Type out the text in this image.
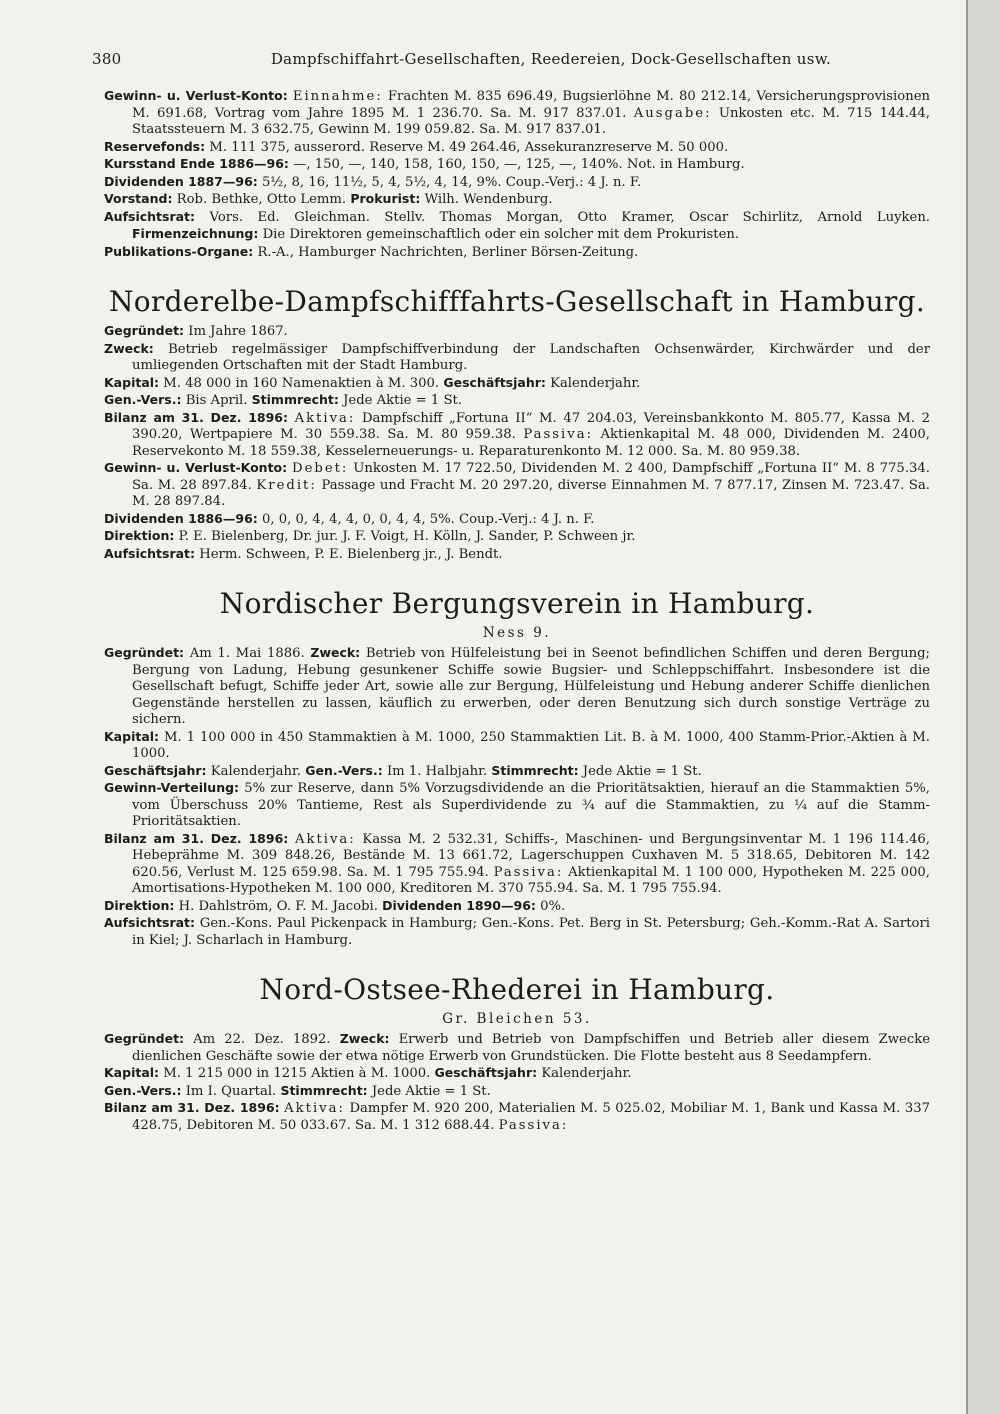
380	Dampfschiffahrt-Gesellschaften, Reedereien, Dock-Gesellschaften usw.

Gewinn- u. Verlust-Konto: Einnahme: Frachten M. 835 696.49, Bugsierlöhne M. 80 212.14, Versicherungsprovisionen M. 691.68, Vortrag vom Jahre 1895 M. 1 236.70. Sa. M. 917 837.01. Ausgabe: Unkosten etc. M. 715 144.44, Staatssteuern M. 3 632.75, Gewinn M. 199 059.82. Sa. M. 917 837.01.

Reservefonds: M. 111 375, ausserord. Reserve M. 49 264.46, Assekuranzreserve M. 50 000.

Kursstand Ende 1886—96: —, 150, —, 140, 158, 160, 150, —, 125, —, 140%. Not. in Hamburg.

Dividenden 1887—96: 5½, 8, 16, 11½, 5, 4, 5½, 4, 14, 9%. Coup.-Verj.: 4 J. n. F.

Vorstand: Rob. Bethke, Otto Lemm. Prokurist: Wilh. Wendenburg.

Aufsichtsrat: Vors. Ed. Gleichman. Stellv. Thomas Morgan, Otto Kramer, Oscar Schirlitz, Arnold Luyken. Firmenzeichnung: Die Direktoren gemeinschaftlich oder ein solcher mit dem Prokuristen.

Publikations-Organe: R.-A., Hamburger Nachrichten, Berliner Börsen-Zeitung.

Norderelbe-Dampfschifffahrts-Gesellschaft in Hamburg.

Gegründet: Im Jahre 1867.

Zweck: Betrieb regelmässiger Dampfschiffverbindung der Landschaften Ochsenwärder, Kirchwärder und der umliegenden Ortschaften mit der Stadt Hamburg.

Kapital: M. 48 000 in 160 Namenaktien à M. 300. Geschäftsjahr: Kalenderjahr.

Gen.-Vers.: Bis April. Stimmrecht: Jede Aktie = 1 St.

Bilanz am 31. Dez. 1896: Aktiva: Dampfschiff „Fortuna II“ M. 47 204.03, Vereinsbankkonto M. 805.77, Kassa M. 2 390.20, Wertpapiere M. 30 559.38. Sa. M. 80 959.38. Passiva: Aktienkapital M. 48 000, Dividenden M. 2400, Reservekonto M. 18 559.38, Kesselerneuerungs- u. Reparaturenkonto M. 12 000. Sa. M. 80 959.38.

Gewinn- u. Verlust-Konto: Debet: Unkosten M. 17 722.50, Dividenden M. 2 400, Dampfschiff „Fortuna II“ M. 8 775.34. Sa. M. 28 897.84. Kredit: Passage und Fracht M. 20 297.20, diverse Einnahmen M. 7 877.17, Zinsen M. 723.47. Sa. M. 28 897.84.

Dividenden 1886—96: 0, 0, 0, 4, 4, 4, 0, 0, 4, 4, 5%. Coup.-Verj.: 4 J. n. F.

Direktion: P. E. Bielenberg, Dr. jur. J. F. Voigt, H. Kölln, J. Sander, P. Schween jr.

Aufsichtsrat: Herm. Schween, P. E. Bielenberg jr., J. Bendt.

Nordischer Bergungsverein in Hamburg.
Ness 9.

Gegründet: Am 1. Mai 1886. Zweck: Betrieb von Hülfeleistung bei in Seenot befindlichen Schiffen und deren Bergung; Bergung von Ladung, Hebung gesunkener Schiffe sowie Bugsier- und Schleppschiffahrt. Insbesondere ist die Gesellschaft befugt, Schiffe jeder Art, sowie alle zur Bergung, Hülfeleistung und Hebung anderer Schiffe dienlichen Gegenstände herstellen zu lassen, käuflich zu erwerben, oder deren Benutzung sich durch sonstige Verträge zu sichern.

Kapital: M. 1 100 000 in 450 Stammaktien à M. 1000, 250 Stammaktien Lit. B. à M. 1000, 400 Stamm-Prior.-Aktien à M. 1000.

Geschäftsjahr: Kalenderjahr. Gen.-Vers.: Im 1. Halbjahr. Stimmrecht: Jede Aktie = 1 St.

Gewinn-Verteilung: 5% zur Reserve, dann 5% Vorzugsdividende an die Prioritätsaktien, hierauf an die Stammaktien 5%, vom Überschuss 20% Tantieme, Rest als Superdividende zu ¾ auf die Stammaktien, zu ¼ auf die Stamm-Prioritätsaktien.

Bilanz am 31. Dez. 1896: Aktiva: Kassa M. 2 532.31, Schiffs-, Maschinen- und Bergungsinventar M. 1 196 114.46, Hebeprähme M. 309 848.26, Bestände M. 13 661.72, Lagerschuppen Cuxhaven M. 5 318.65, Debitoren M. 142 620.56, Verlust M. 125 659.98. Sa. M. 1 795 755.94. Passiva: Aktienkapital M. 1 100 000, Hypotheken M. 225 000, Amortisations-Hypotheken M. 100 000, Kreditoren M. 370 755.94. Sa. M. 1 795 755.94.

Direktion: H. Dahlström, O. F. M. Jacobi. Dividenden 1890—96: 0%.

Aufsichtsrat: Gen.-Kons. Paul Pickenpack in Hamburg; Gen.-Kons. Pet. Berg in St. Petersburg; Geh.-Komm.-Rat A. Sartori in Kiel; J. Scharlach in Hamburg.

Nord-Ostsee-Rhederei in Hamburg.
Gr. Bleichen 53.

Gegründet: Am 22. Dez. 1892. Zweck: Erwerb und Betrieb von Dampfschiffen und Betrieb aller diesem Zwecke dienlichen Geschäfte sowie der etwa nötige Erwerb von Grundstücken. Die Flotte besteht aus 8 Seedampfern.

Kapital: M. 1 215 000 in 1215 Aktien à M. 1000. Geschäftsjahr: Kalenderjahr.

Gen.-Vers.: Im I. Quartal. Stimmrecht: Jede Aktie = 1 St.

Bilanz am 31. Dez. 1896: Aktiva: Dampfer M. 920 200, Materialien M. 5 025.02, Mobiliar M. 1, Bank und Kassa M. 337 428.75, Debitoren M. 50 033.67. Sa. M. 1 312 688.44. Passiva:
